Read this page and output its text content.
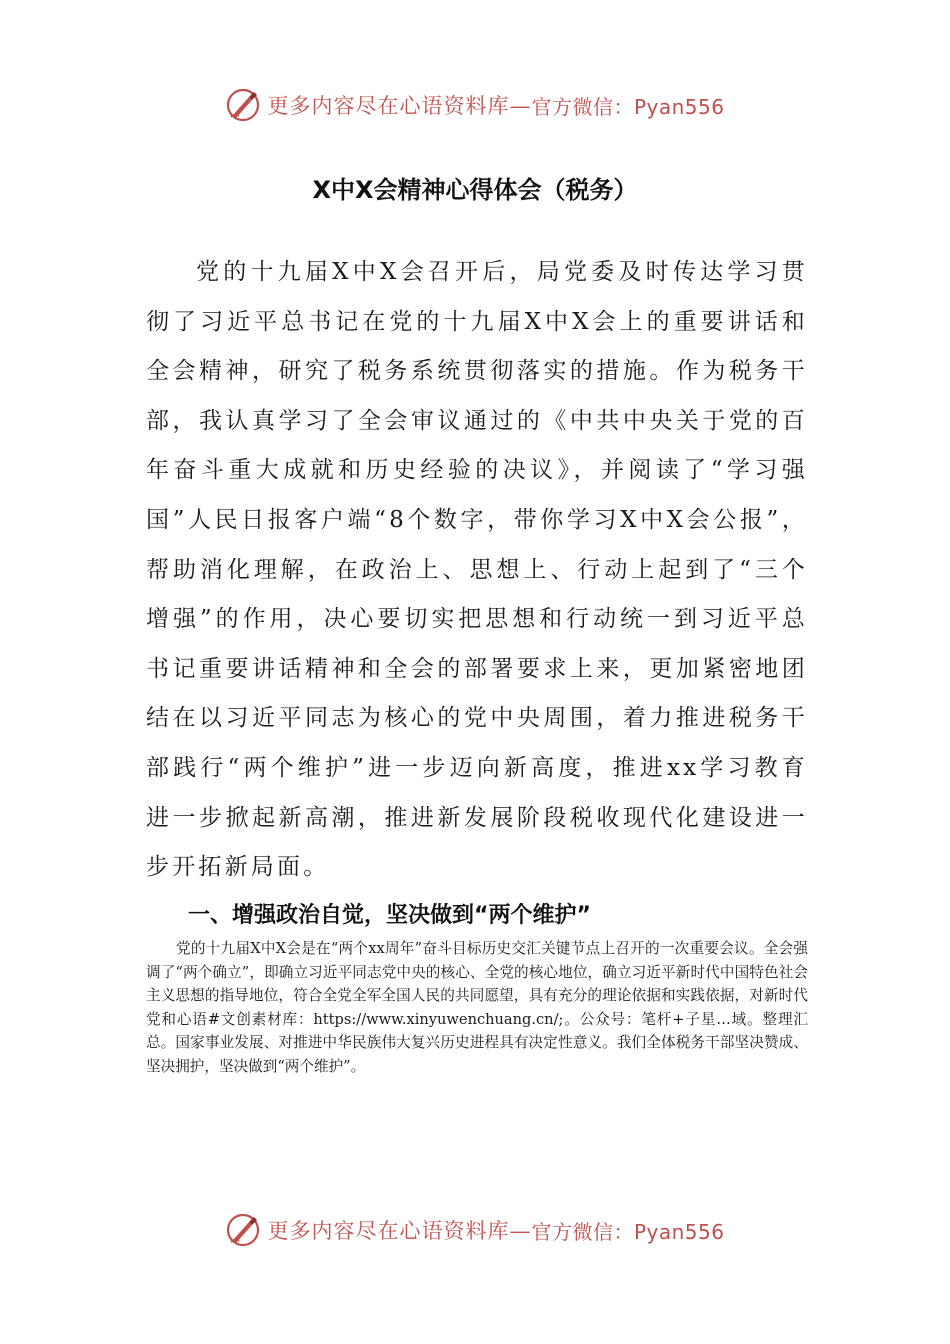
更多内容尽在心语资料库— 官方微信：Pyan556
X中X会精神心得体会（税务）

党的十九届X中X会召开后，局党委及时传达学习贯彻了习近平总书记在党的十九届X中X会上的重要讲话和全会精神，研究了税务系统贯彻落实的措施。作为税务干部，我认真学习了全会审议通过的《中共中央关于党的百年奋斗重大成就和历史经验的决议》，并阅读了“学习强国”人民日报客户端“8个数字，带你学习X中X会公报”，帮助消化理解，在政治上、思想上、行动上起到了“三个增强”的作用，决心要切实把思想和行动统一到习近平总书记重要讲话精神和全会的部署要求上来，更加紧密地团结在以习近平同志为核心的党中央周围，着力推进税务干部践行“两个维护”进一步迈向新高度，推进xx学习教育进一步掀起新高潮，推进新发展阶段税收现代化建设进一步开拓新局面。

一、增强政治自觉，坚决做到“两个维护”

党的十九届X中X会是在“两个xx周年”奋斗目标历史交汇关键节点上召开的一次重要会议。全会强调了“两个确立”，即确立习近平同志党中央的核心、全党的核心地位，确立习近平新时代中国特色社会主义思想的指导地位，符合全党全军全国人民的共同愿望，具有充分的理论依据和实践依据，对新时代党和心语#文创素材库：https://www.xinyuwenchuang.cn/;。公众号：笔杆+子星…域。整理汇总。国家事业发展、对推进中华民族伟大复兴历史进程具有决定性意义。我们全体税务干部坚决赞成、坚决拥护，坚决做到“两个维护”。

更多内容尽在心语资料库— 官方微信：Pyan556
